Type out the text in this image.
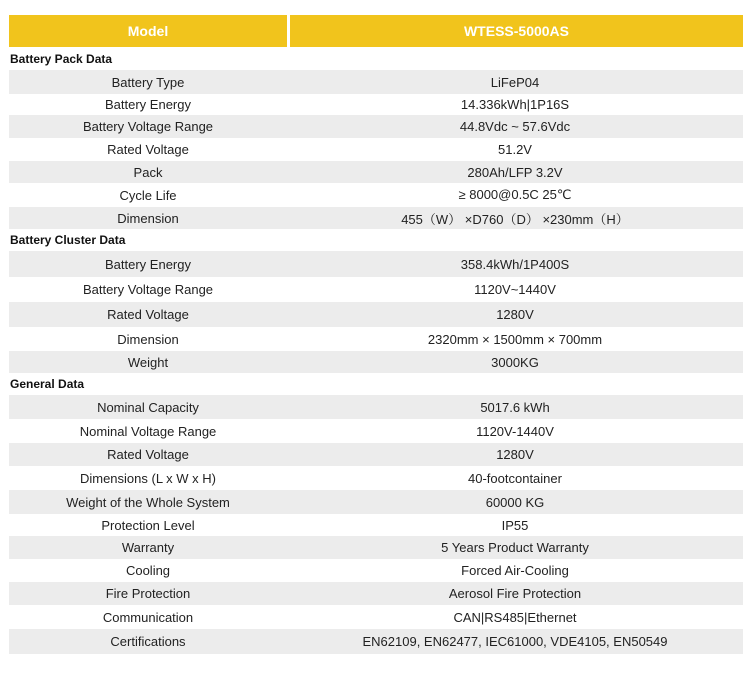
Model	WTESS-5000AS
Battery Pack Data
Battery Type	LiFeP04
Battery Energy	14.336kWh|1P16S
Battery Voltage Range	44.8Vdc ~ 57.6Vdc
Rated Voltage	51.2V
Pack	280Ah/LFP 3.2V
Cycle Life	≥ 8000@0.5C 25℃
Dimension	455（W） ×D760（D） ×230mm（H）
Battery Cluster Data
Battery Energy	358.4kWh/1P400S
Battery Voltage Range	1120V~1440V
Rated Voltage	1280V
Dimension	2320mm × 1500mm × 700mm
Weight	3000KG
General Data
Nominal Capacity	5017.6 kWh
Nominal Voltage Range	1120V-1440V
Rated Voltage	1280V
Dimensions (L x W x H)	40-footcontainer
Weight of the Whole System	60000 KG
Protection Level	IP55
Warranty	5 Years Product Warranty
Cooling	Forced Air-Cooling
Fire Protection	Aerosol Fire Protection
Communication	CAN|RS485|Ethernet
Certifications	EN62109, EN62477, IEC61000, VDE4105, EN50549
